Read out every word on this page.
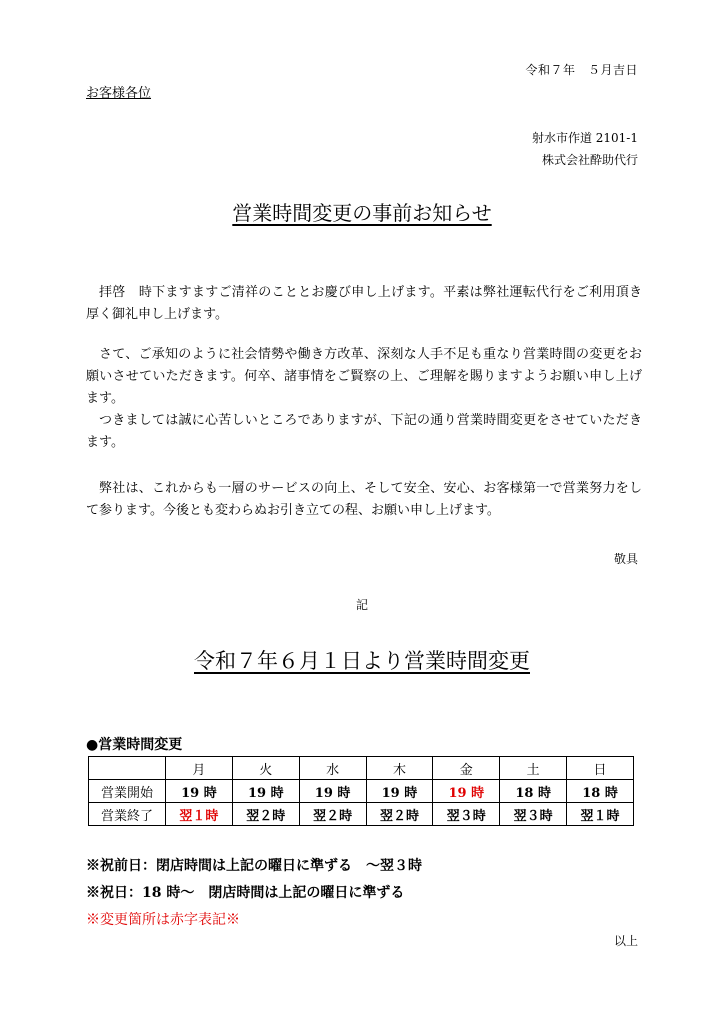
令和７年　５月吉日
お客様各位
射水市作道 2101-1
株式会社酔助代行
営業時間変更の事前お知らせ
拝啓　時下ますますご清祥のこととお慶び申し上げます。平素は弊社運転代行をご利用頂き厚く御礼申し上げます。
さて、ご承知のように社会情勢や働き方改革、深刻な人手不足も重なり営業時間の変更をお願いさせていただきます。何卒、諸事情をご賢察の上、ご理解を賜りますようお願い申し上げます。
つきましては誠に心苦しいところでありますが、下記の通り営業時間変更をさせていただきます。
弊社は、これからも一層のサービスの向上、そして安全、安心、お客様第一で営業努力をして参ります。今後とも変わらぬお引き立ての程、お願い申し上げます。
敬具
記
令和７年６月１日より営業時間変更
●営業時間変更
	月	火	水	木	金	土	日
営業開始	19 時	19 時	19 時	19 時	19 時	18 時	18 時
営業終了	翌１時	翌２時	翌２時	翌２時	翌３時	翌３時	翌１時
※祝前日：閉店時間は上記の曜日に準ずる　～翌３時
※祝日：18 時～　閉店時間は上記の曜日に準ずる
※変更箇所は赤字表記※
以上
